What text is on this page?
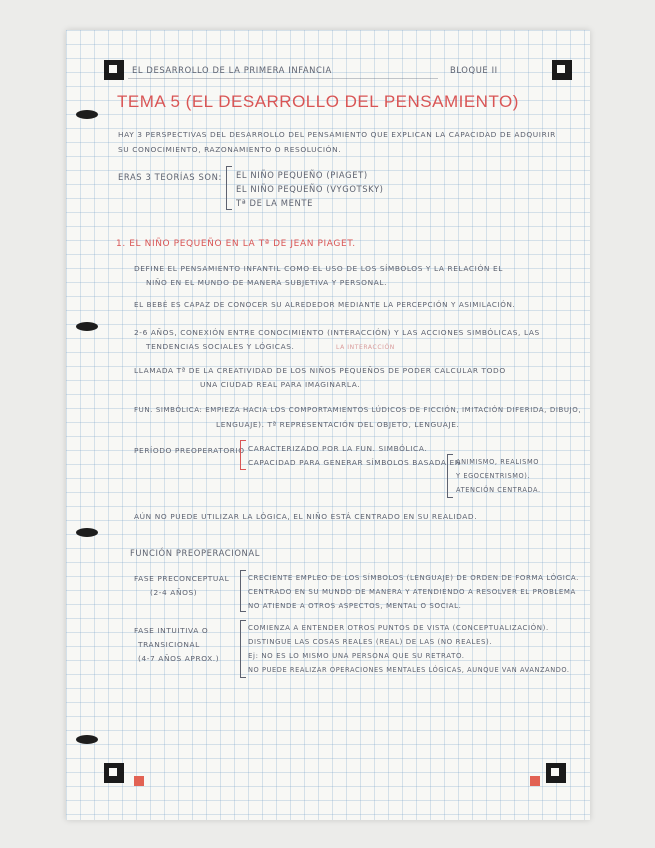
EL DESARROLLO DE LA PRIMERA INFANCIA	BLOQUE II
TEMA 5 (EL DESARROLLO DEL PENSAMIENTO)
HAY 3 PERSPECTIVAS DEL DESARROLLO DEL PENSAMIENTO QUE EXPLICAN LA CAPACIDAD DE ADQUIRIR
SU CONOCIMIENTO, RAZONAMIENTO O RESOLUCIÓN.
ERAS 3 TEORÍAS SON: EL NIÑO PEQUEÑO (PIAGET)
EL NIÑO PEQUEÑO (VYGOTSKY)
Tª DE LA MENTE
1. EL NIÑO PEQUEÑO EN LA Tª DE JEAN PIAGET.
DEFINE EL PENSAMIENTO INFANTIL COMO EL USO DE LOS SÍMBOLOS Y LA RELACIÓN EL
NIÑO EN EL MUNDO DE MANERA SUBJETIVA Y PERSONAL.
EL BEBÉ ES CAPAZ DE CONOCER SU ALREDEDOR MEDIANTE LA PERCEPCIÓN Y ASIMILACIÓN.
2-6 AÑOS, CONEXIÓN ENTRE CONOCIMIENTO (INTERACCIÓN) Y LAS ACCIONES SIMBÓLICAS, LAS
TENDENCIAS SOCIALES Y LÓGICAS.	LA INTERACCIÓN
LLAMADA Tª DE LA CREATIVIDAD DE LOS NIÑOS PEQUEÑOS DE PODER CALCULAR TODO
UNA CIUDAD REAL PARA IMAGINARLA.
FUN. SIMBÓLICA: EMPIEZA HACIA LOS COMPORTAMIENTOS LÚDICOS DE FICCIÓN, IMITACIÓN DIFERIDA, DIBUJO,
LENGUAJE). Tª REPRESENTACIÓN DEL OBJETO, LENGUAJE.
PERÍODO PREOPERATORIO CARACTERIZADO POR LA FUN. SIMBÓLICA.
CAPACIDAD PARA GENERAR SÍMBOLOS BASADA EN
ANIMISMO, REALISMO
Y EGOCENTRISMO).
ATENCIÓN CENTRADA.
AÚN NO PUEDE UTILIZAR LA LÓGICA, EL NIÑO ESTÁ CENTRADO EN SU REALIDAD.
FUNCIÓN PREOPERACIONAL
FASE PRECONCEPTUAL
(2-4 AÑOS)
CRECIENTE EMPLEO DE LOS SÍMBOLOS (LENGUAJE) DE ORDEN DE FORMA LÓGICA.
CENTRADO EN SU MUNDO DE MANERA Y ATENDIENDO A RESOLVER EL PROBLEMA
NO ATIENDE A OTROS ASPECTOS, MENTAL O SOCIAL.
FASE INTUITIVA O
TRANSICIONAL
(4-7 AÑOS APROX.)
COMIENZA A ENTENDER OTROS PUNTOS DE VISTA (CONCEPTUALIZACIÓN).
DISTINGUE LAS COSAS REALES (REAL) DE LAS (NO REALES).
Ej: NO ES LO MISMO UNA PERSONA QUE SU RETRATO.
NO PUEDE REALIZAR OPERACIONES MENTALES LÓGICAS, AUNQUE VAN AVANZANDO.
